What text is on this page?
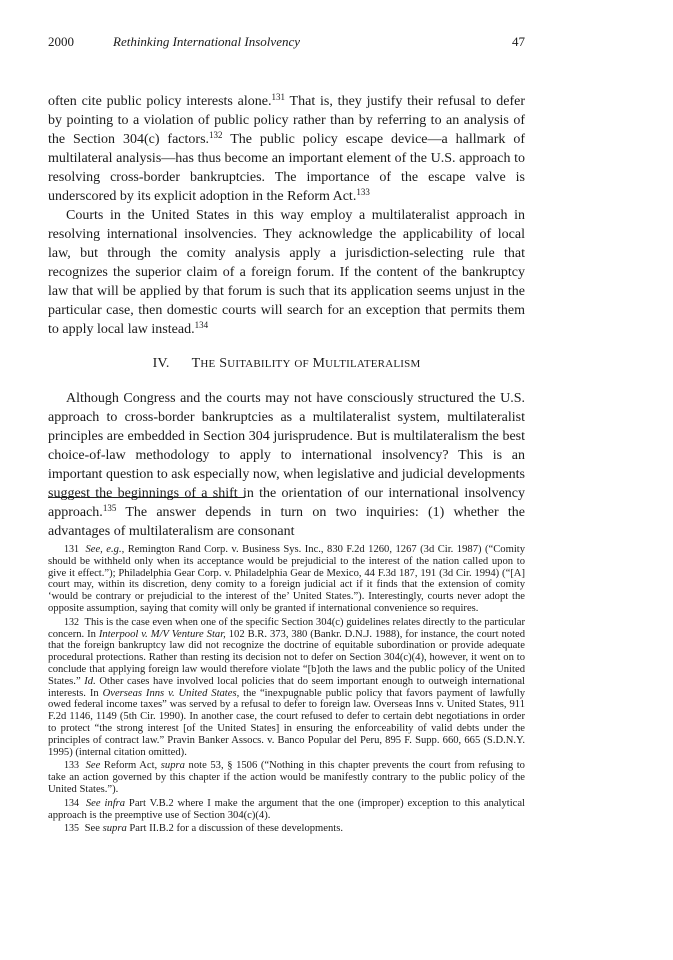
2000	Rethinking International Insolvency	47

often cite public policy interests alone.$^{131}$ That is, they justify their refusal to defer by pointing to a violation of public policy rather than by referring to an analysis of the Section 304(c) factors.$^{132}$ The public policy escape device—a hallmark of multilateral analysis—has thus become an important element of the U.S. approach to resolving cross-border bankruptcies. The importance of the escape valve is underscored by its explicit adoption in the Reform Act.$^{133}$

Courts in the United States in this way employ a multilateralist approach in resolving international insolvencies. They acknowledge the applicability of local law, but through the comity analysis apply a jurisdiction-selecting rule that recognizes the superior claim of a foreign forum. If the content of the bankruptcy law that will be applied by that forum is such that its application seems unjust in the particular case, then domestic courts will search for an exception that permits them to apply local law instead.$^{134}$

IV. THE SUITABILITY OF MULTILATERALISM

Although Congress and the courts may not have consciously structured the U.S. approach to cross-border bankruptcies as a multilateralist system, multilateralist principles are embedded in Section 304 jurisprudence. But is multilateralism the best choice-of-law methodology to apply to international insolvency? This is an important question to ask especially now, when legislative and judicial developments suggest the beginnings of a shift in the orientation of our international insolvency approach.$^{135}$ The answer depends in turn on two inquiries: (1) whether the advantages of multilateralism are consonant

131 See, e.g., Remington Rand Corp. v. Business Sys. Inc., 830 F.2d 1260, 1267 (3d Cir. 1987) (“Comity should be withheld only when its acceptance would be prejudicial to the interest of the nation called upon to give it effect.”); Philadelphia Gear Corp. v. Philadelphia Gear de Mexico, 44 F.3d 187, 191 (3d Cir. 1994) (“[A] court may, within its discretion, deny comity to a foreign judicial act if it finds that the extension of comity ‘would be contrary or prejudicial to the interest of the’ United States.”). Interestingly, courts never adopt the opposite assumption, saying that comity will only be granted if international convenience so requires.

132 This is the case even when one of the specific Section 304(c) guidelines relates directly to the particular concern. In Interpool v. M/V Venture Star, 102 B.R. 373, 380 (Bankr. D.N.J. 1988), for instance, the court noted that the foreign bankruptcy law did not recognize the doctrine of equitable subordination or provide adequate procedural protections. Rather than resting its decision not to defer on Section 304(c)(4), however, it went on to conclude that applying foreign law would therefore violate “[b]oth the laws and the public policy of the United States.” Id. Other cases have involved local policies that do seem important enough to outweigh international interests. In Overseas Inns v. United States, the “inexpugnable public policy that favors payment of lawfully owed federal income taxes” was served by a refusal to defer to foreign law. Overseas Inns v. United States, 911 F.2d 1146, 1149 (5th Cir. 1990). In another case, the court refused to defer to certain debt negotiations in order to protect “the strong interest [of the United States] in ensuring the enforceability of valid debts under the principles of contract law.” Pravin Banker Assocs. v. Banco Popular del Peru, 895 F. Supp. 660, 665 (S.D.N.Y. 1995) (internal citation omitted).

133 See Reform Act, supra note 53, § 1506 (“Nothing in this chapter prevents the court from refusing to take an action governed by this chapter if the action would be manifestly contrary to the public policy of the United States.”).

134 See infra Part V.B.2 where I make the argument that the one (improper) exception to this analytical approach is the preemptive use of Section 304(c)(4).

135 See supra Part II.B.2 for a discussion of these developments.
